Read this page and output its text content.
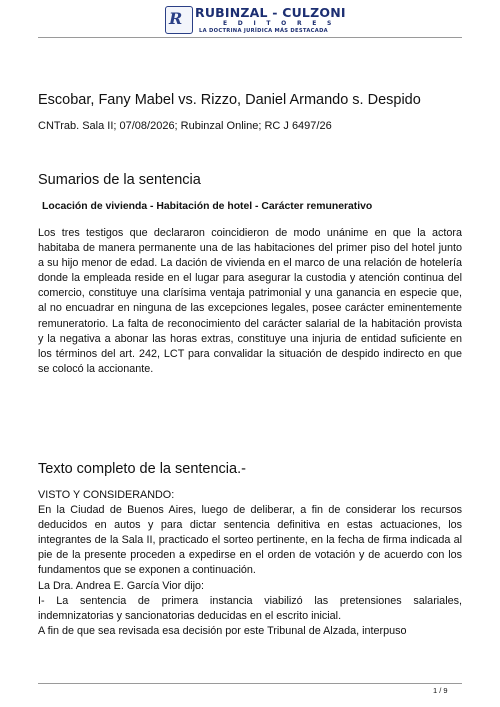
R RUBINZAL - CULZONI
E D I T O R E S
LA DOCTRINA JURÍDICA MÁS DESTACADA
Escobar, Fany Mabel vs. Rizzo, Daniel Armando s. Despido
CNTrab. Sala II; 07/08/2026; Rubinzal Online; RC J 6497/26
Sumarios de la sentencia
Locación de vivienda - Habitación de hotel - Carácter remunerativo

Los tres testigos que declararon coincidieron de modo unánime en que la actora habitaba de manera permanente una de las habitaciones del primer piso del hotel junto a su hijo menor de edad. La dación de vivienda en el marco de una relación de hotelería donde la empleada reside en el lugar para asegurar la custodia y atención continua del comercio, constituye una clarísima ventaja patrimonial y una ganancia en especie que, al no encuadrar en ninguna de las excepciones legales, posee carácter eminentemente remuneratorio. La falta de reconocimiento del carácter salarial de la habitación provista y la negativa a abonar las horas extras, constituye una injuria de entidad suficiente en los términos del art. 242, LCT para convalidar la situación de despido indirecto en que se colocó la accionante.

Texto completo de la sentencia.-

VISTO Y CONSIDERANDO:

En la Ciudad de Buenos Aires, luego de deliberar, a fin de considerar los recursos deducidos en autos y para dictar sentencia definitiva en estas actuaciones, los integrantes de la Sala II, practicado el sorteo pertinente, en la fecha de firma indicada al pie de la presente proceden a expedirse en el orden de votación y de acuerdo con los fundamentos que se exponen a continuación.

La Dra. Andrea E. García Vior dijo:

I- La sentencia de primera instancia viabilizó las pretensiones salariales, indemnizatorias y sancionatorias deducidas en el escrito inicial.

A fin de que sea revisada esa decisión por este Tribunal de Alzada, interpuso

1 / 9
